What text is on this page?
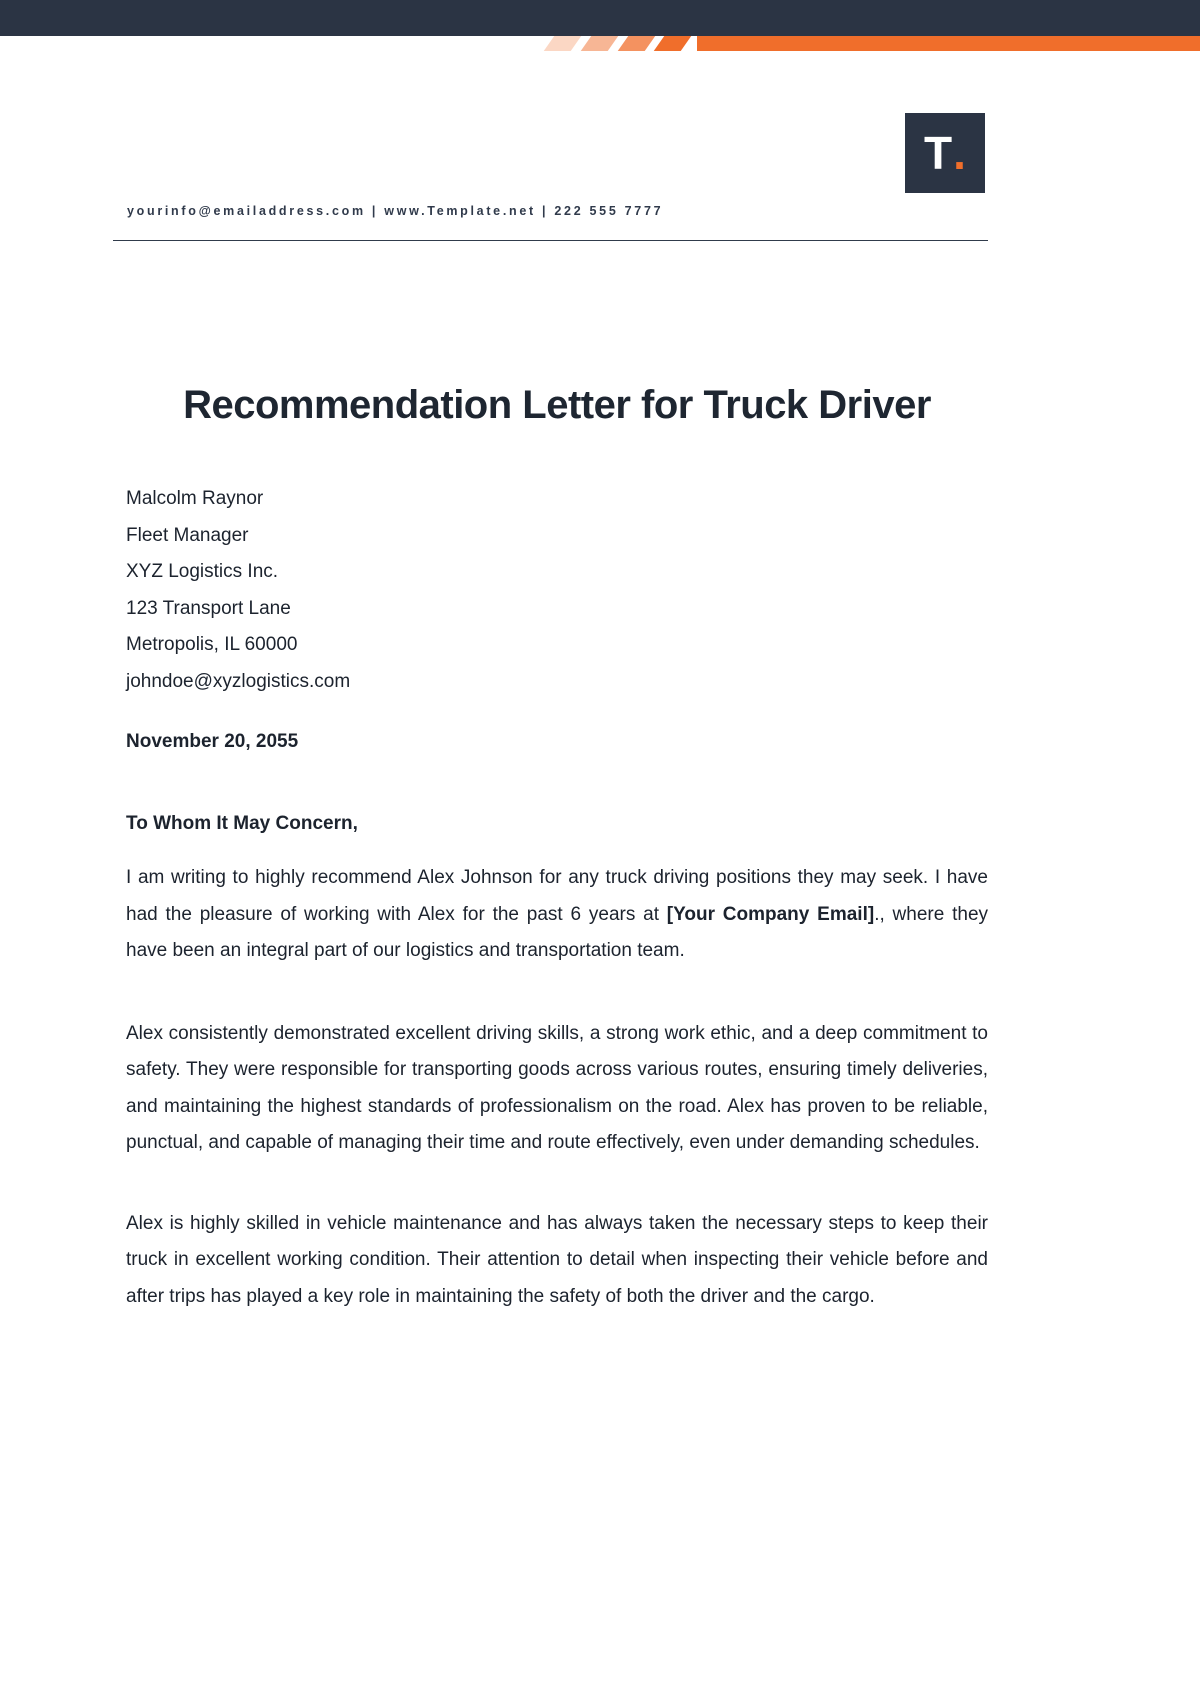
T .
yourinfo@emailaddress.com | www.Template.net | 222 555 7777
Recommendation Letter for Truck Driver
Malcolm Raynor
Fleet Manager
XYZ Logistics Inc.
123 Transport Lane
Metropolis, IL 60000
johndoe@xyzlogistics.com
November 20, 2055
To Whom It May Concern,

I am writing to highly recommend Alex Johnson for any truck driving positions they may seek. I have had the pleasure of working with Alex for the past 6 years at [Your Company Email]., where they have been an integral part of our logistics and transportation team.

Alex consistently demonstrated excellent driving skills, a strong work ethic, and a deep commitment to safety. They were responsible for transporting goods across various routes, ensuring timely deliveries, and maintaining the highest standards of professionalism on the road. Alex has proven to be reliable, punctual, and capable of managing their time and route effectively, even under demanding schedules.

Alex is highly skilled in vehicle maintenance and has always taken the necessary steps to keep their truck in excellent working condition. Their attention to detail when inspecting their vehicle before and after trips has played a key role in maintaining the safety of both the driver and the cargo.
